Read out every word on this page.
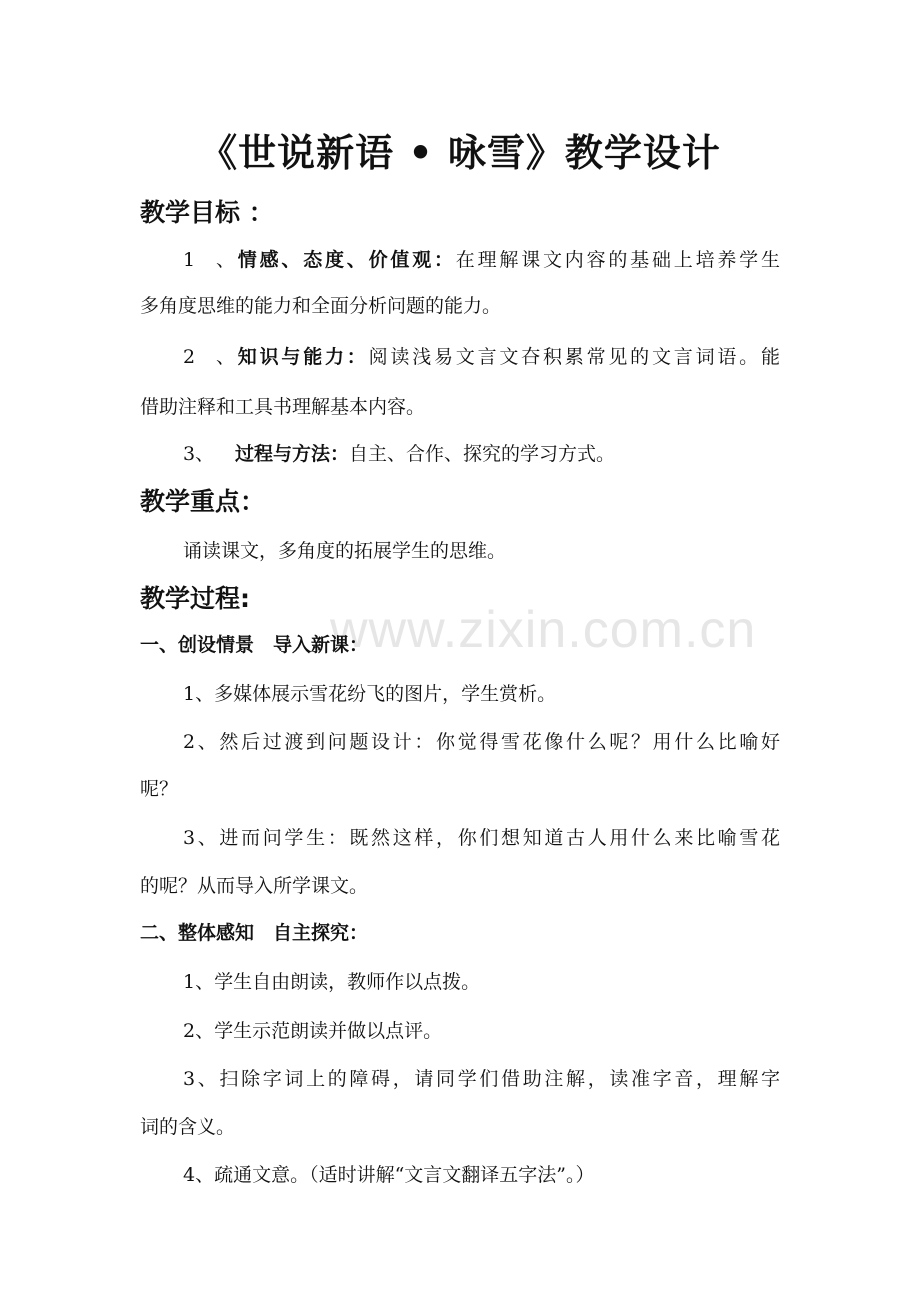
www.zixin.com.cn
《世说新语 • 咏雪》教学设计
教学目标 ：
1、情感、态度、价值观：在理解课文内容的基础上培养学生
多角度思维的能力和全面分析问题的能力。
2、知识与能力：阅读浅易文言文夻积累常见的文言词语。能
借助注释和工具书理解基本内容。
3、 过程与方法：自主、合作、探究的学习方式。
教学重点：
诵读课文，多角度的拓展学生的思维。
教学过程:
一、创设情景　导入新课：
1、多媒体展示雪花纷飞的图片，学生赏析。
2、然后过渡到问题设计：你觉得雪花像什么呢？用什么比喻好
呢？
3、进而问学生：既然这样，你们想知道古人用什么来比喻雪花
的呢？从而导入所学课文。
二、整体感知　自主探究：
1、学生自由朗读，教师作以点拨。
2、学生示范朗读并做以点评。
3、扫除字词上的障碍，请同学们借助注解，读准字音，理解字
词的含义。
4、疏通文意。（适时讲解“文言文翻译五字法”。）
